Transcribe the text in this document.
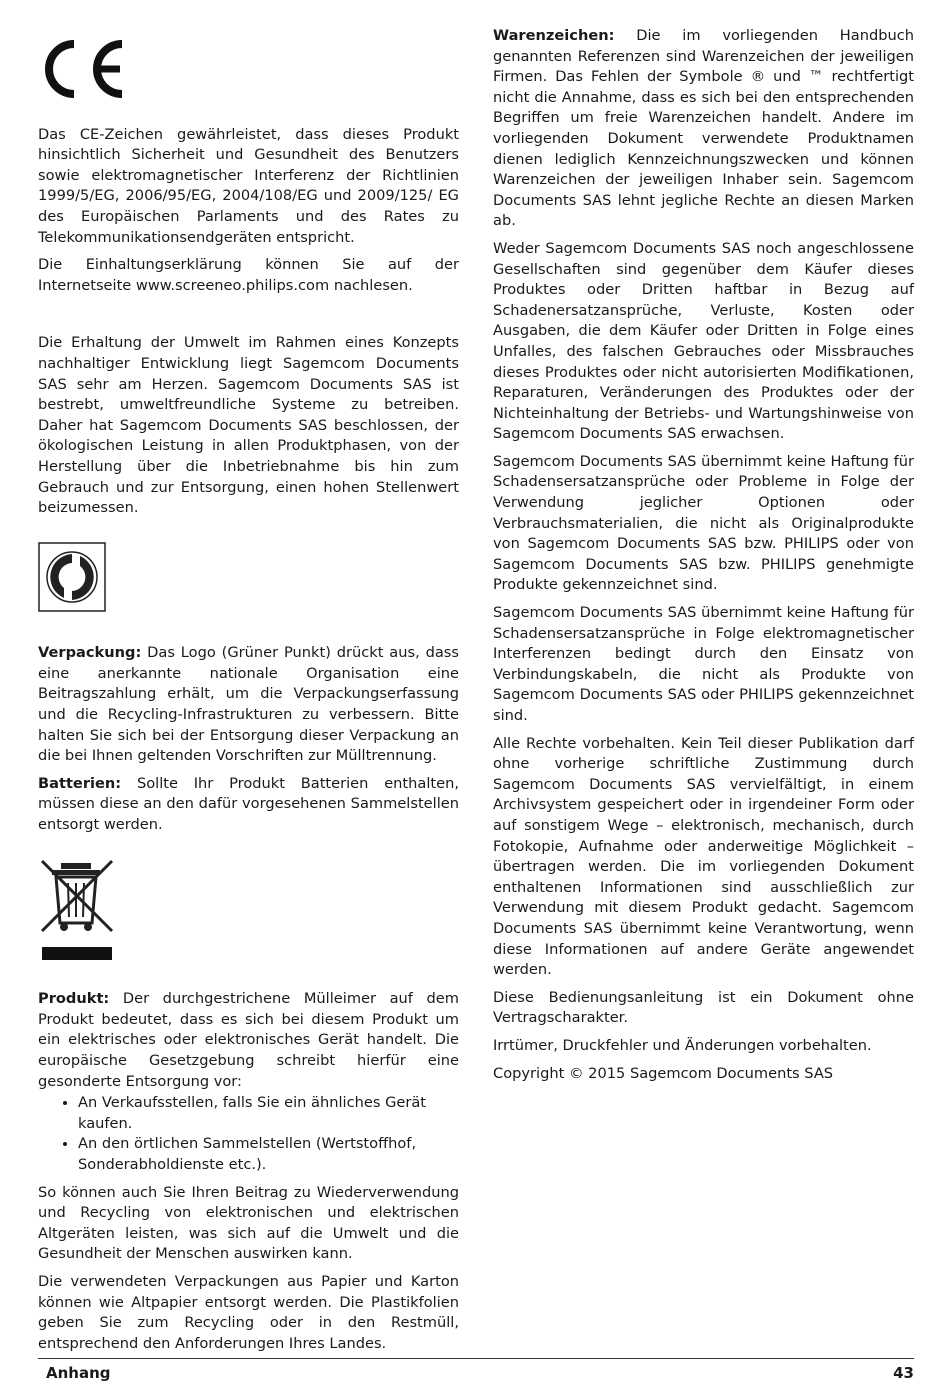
Das CE-Zeichen gewährleistet, dass dieses Produkt hinsichtlich Sicherheit und Gesundheit des Benutzers sowie elektromagnetischer Interferenz der Richtlinien 1999/5/EG, 2006/95/EG, 2004/108/EG und 2009/125/ EG des Europäischen Parlaments und des Rates zu Telekommunikationsendgeräten entspricht.

Die Einhaltungserklärung können Sie auf der Internetseite www.screeneo.philips.com nachlesen.

Die Erhaltung der Umwelt im Rahmen eines Konzepts nachhaltiger Entwicklung liegt Sagemcom Documents SAS sehr am Herzen. Sagemcom Documents SAS ist bestrebt, umweltfreundliche Systeme zu betreiben. Daher hat Sagemcom Documents SAS beschlossen, der ökologischen Leistung in allen Produktphasen, von der Herstellung über die Inbetriebnahme bis hin zum Gebrauch und zur Entsorgung, einen hohen Stellenwert beizumessen.

Verpackung: Das Logo (Grüner Punkt) drückt aus, dass eine anerkannte nationale Organisation eine Beitragszahlung erhält, um die Verpackungserfassung und die Recycling-Infrastrukturen zu verbessern. Bitte halten Sie sich bei der Entsorgung dieser Verpackung an die bei Ihnen geltenden Vorschriften zur Mülltrennung.

Batterien: Sollte Ihr Produkt Batterien enthalten, müssen diese an den dafür vorgesehenen Sammelstellen entsorgt werden.

Produkt: Der durchgestrichene Mülleimer auf dem Produkt bedeutet, dass es sich bei diesem Produkt um ein elektrisches oder elektronisches Gerät handelt. Die europäische Gesetzgebung schreibt hierfür eine gesonderte Entsorgung vor:

• An Verkaufsstellen, falls Sie ein ähnliches Gerät kaufen.
• An den örtlichen Sammelstellen (Wertstoffhof, Sonderabholdienste etc.).

So können auch Sie Ihren Beitrag zu Wiederverwendung und Recycling von elektronischen und elektrischen Altgeräten leisten, was sich auf die Umwelt und die Gesundheit der Menschen auswirken kann.

Die verwendeten Verpackungen aus Papier und Karton können wie Altpapier entsorgt werden. Die Plastikfolien geben Sie zum Recycling oder in den Restmüll, entsprechend den Anforderungen Ihres Landes.

Warenzeichen: Die im vorliegenden Handbuch genannten Referenzen sind Warenzeichen der jeweiligen Firmen. Das Fehlen der Symbole ® und ™ rechtfertigt nicht die Annahme, dass es sich bei den entsprechenden Begriffen um freie Warenzeichen handelt. Andere im vorliegenden Dokument verwendete Produktnamen dienen lediglich Kennzeichnungszwecken und können Warenzeichen der jeweiligen Inhaber sein. Sagemcom Documents SAS lehnt jegliche Rechte an diesen Marken ab.

Weder Sagemcom Documents SAS noch angeschlossene Gesellschaften sind gegenüber dem Käufer dieses Produktes oder Dritten haftbar in Bezug auf Schadenersatzansprüche, Verluste, Kosten oder Ausgaben, die dem Käufer oder Dritten in Folge eines Unfalles, des falschen Gebrauches oder Missbrauches dieses Produktes oder nicht autorisierten Modifikationen, Reparaturen, Veränderungen des Produktes oder der Nichteinhaltung der Betriebs- und Wartungshinweise von Sagemcom Documents SAS erwachsen.

Sagemcom Documents SAS übernimmt keine Haftung für Schadensersatzansprüche oder Probleme in Folge der Verwendung jeglicher Optionen oder Verbrauchsmaterialien, die nicht als Originalprodukte von Sagemcom Documents SAS bzw. PHILIPS oder von Sagemcom Documents SAS bzw. PHILIPS genehmigte Produkte gekennzeichnet sind.

Sagemcom Documents SAS übernimmt keine Haftung für Schadensersatzansprüche in Folge elektromagnetischer Interferenzen bedingt durch den Einsatz von Verbindungskabeln, die nicht als Produkte von Sagemcom Documents SAS oder PHILIPS gekennzeichnet sind.

Alle Rechte vorbehalten. Kein Teil dieser Publikation darf ohne vorherige schriftliche Zustimmung durch Sagemcom Documents SAS vervielfältigt, in einem Archivsystem gespeichert oder in irgendeiner Form oder auf sonstigem Wege – elektronisch, mechanisch, durch Fotokopie, Aufnahme oder anderweitige Möglichkeit – übertragen werden. Die im vorliegenden Dokument enthaltenen Informationen sind ausschließlich zur Verwendung mit diesem Produkt gedacht. Sagemcom Documents SAS übernimmt keine Verantwortung, wenn diese Informationen auf andere Geräte angewendet werden.

Diese Bedienungsanleitung ist ein Dokument ohne Vertragscharakter.

Irrtümer, Druckfehler und Änderungen vorbehalten.

Copyright © 2015 Sagemcom Documents SAS

Anhang	43
